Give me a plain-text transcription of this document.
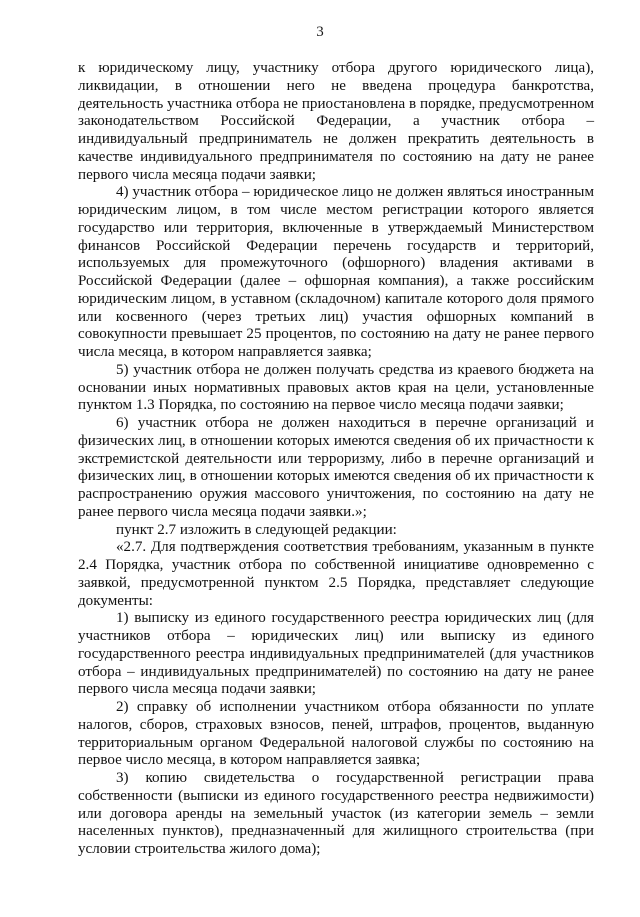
3

к юридическому лицу, участнику отбора другого юридического лица), ликвидации, в отношении него не введена процедура банкротства, деятельность участника отбора не приостановлена в порядке, предусмотренном законодательством Российской Федерации, а участник отбора – индивидуальный предприниматель не должен прекратить деятельность в качестве индивидуального предпринимателя по состоянию на дату не ранее первого числа месяца подачи заявки;

4) участник отбора – юридическое лицо не должен являться иностранным юридическим лицом, в том числе местом регистрации которого является государство или территория, включенные в утверждаемый Министерством финансов Российской Федерации перечень государств и территорий, используемых для промежуточного (офшорного) владения активами в Российской Федерации (далее – офшорная компания), а также российским юридическим лицом, в уставном (складочном) капитале которого доля прямого или косвенного (через третьих лиц) участия офшорных компаний в совокупности превышает 25 процентов, по состоянию на дату не ранее первого числа месяца, в котором направляется заявка;

5) участник отбора не должен получать средства из краевого бюджета на основании иных нормативных правовых актов края на цели, установленные пунктом 1.3 Порядка, по состоянию на первое число месяца подачи заявки;

6) участник отбора не должен находиться в перечне организаций и физических лиц, в отношении которых имеются сведения об их причастности к экстремистской деятельности или терроризму, либо в перечне организаций и физических лиц, в отношении которых имеются сведения об их причастности к распространению оружия массового уничтожения, по состоянию на дату не ранее первого числа месяца подачи заявки.»;

пункт 2.7 изложить в следующей редакции:

«2.7. Для подтверждения соответствия требованиям, указанным в пункте 2.4 Порядка, участник отбора по собственной инициативе одновременно с заявкой, предусмотренной пунктом 2.5 Порядка, представляет следующие документы:

1) выписку из единого государственного реестра юридических лиц (для участников отбора – юридических лиц) или выписку из единого государственного реестра индивидуальных предпринимателей (для участников отбора – индивидуальных предпринимателей) по состоянию на дату не ранее первого числа месяца подачи заявки;

2) справку об исполнении участником отбора обязанности по уплате налогов, сборов, страховых взносов, пеней, штрафов, процентов, выданную территориальным органом Федеральной налоговой службы по состоянию на первое число месяца, в котором направляется заявка;

3) копию свидетельства о государственной регистрации права собственности (выписки из единого государственного реестра недвижимости) или договора аренды на земельный участок (из категории земель – земли населенных пунктов), предназначенный для жилищного строительства (при условии строительства жилого дома);
